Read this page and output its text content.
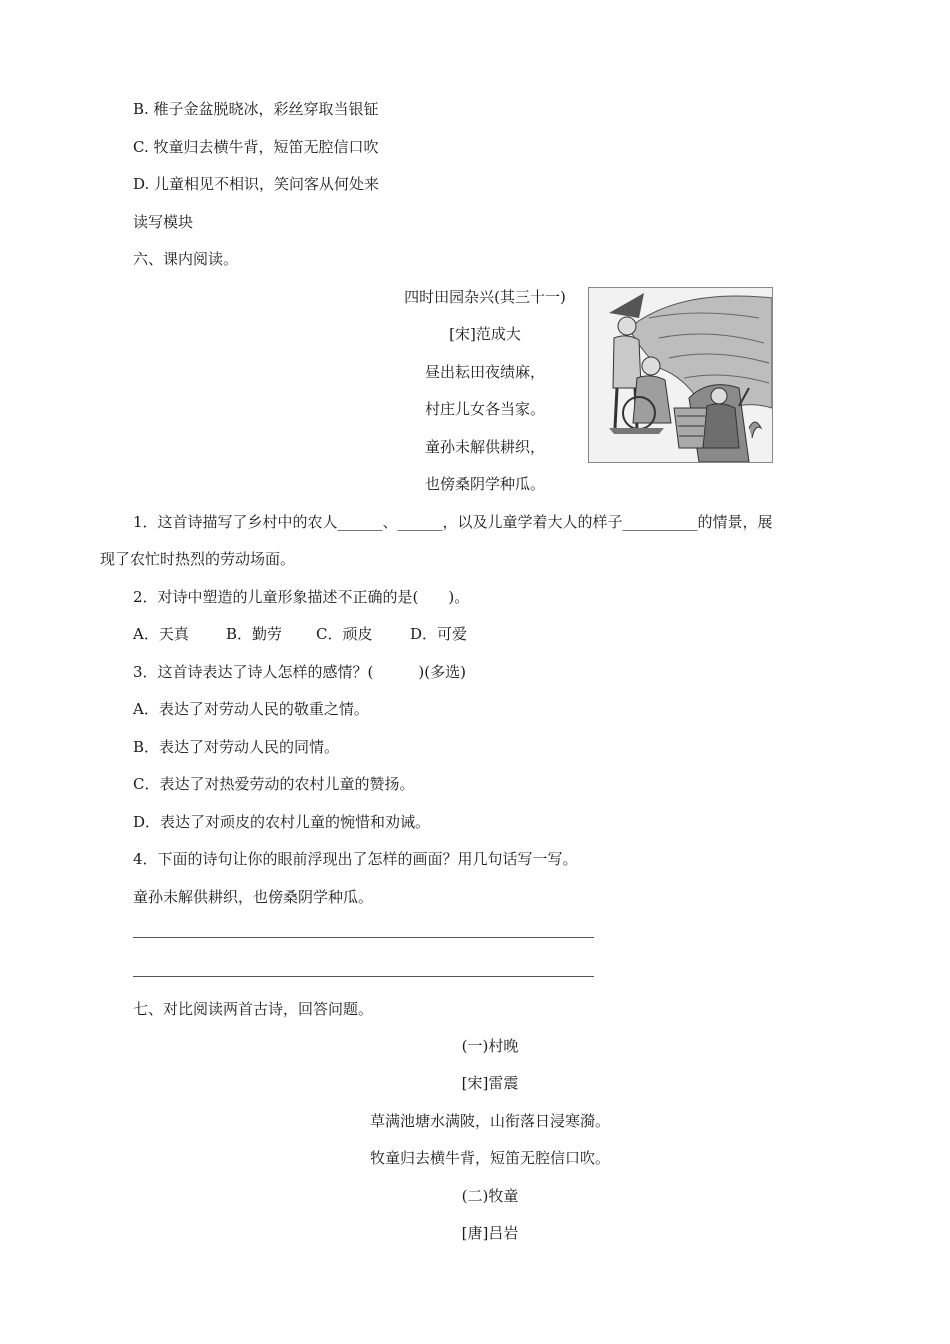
B. 稚子金盆脱晓冰，彩丝穿取当银钲
C. 牧童归去横牛背，短笛无腔信口吹
D. 儿童相见不相识，笑问客从何处来
读写模块
六、课内阅读。
四时田园杂兴(其三十一)
[宋]范成大
昼出耘田夜绩麻，
村庄儿女各当家。
童孙未解供耕织，
也傍桑阴学种瓜。
1．这首诗描写了乡村中的农人______、______，以及儿童学着大人的样子__________的情景，展
现了农忙时热烈的劳动场面。
2．对诗中塑造的儿童形象描述不正确的是(　　)。
A．天真 B．勤劳 C．顽皮	D．可爱
3．这首诗表达了诗人怎样的感情？(　　　)(多选)
A．表达了对劳动人民的敬重之情。
B．表达了对劳动人民的同情。
C．表达了对热爱劳动的农村儿童的赞扬。
D．表达了对顽皮的农村儿童的惋惜和劝诫。
4．下面的诗句让你的眼前浮现出了怎样的画面？用几句话写一写。
童孙未解供耕织，也傍桑阴学种瓜。
七、对比阅读两首古诗，回答问题。
(一)村晚
[宋]雷震
草满池塘水满陂，山衔落日浸寒漪。
牧童归去横牛背，短笛无腔信口吹。
(二)牧童
[唐]吕岩
